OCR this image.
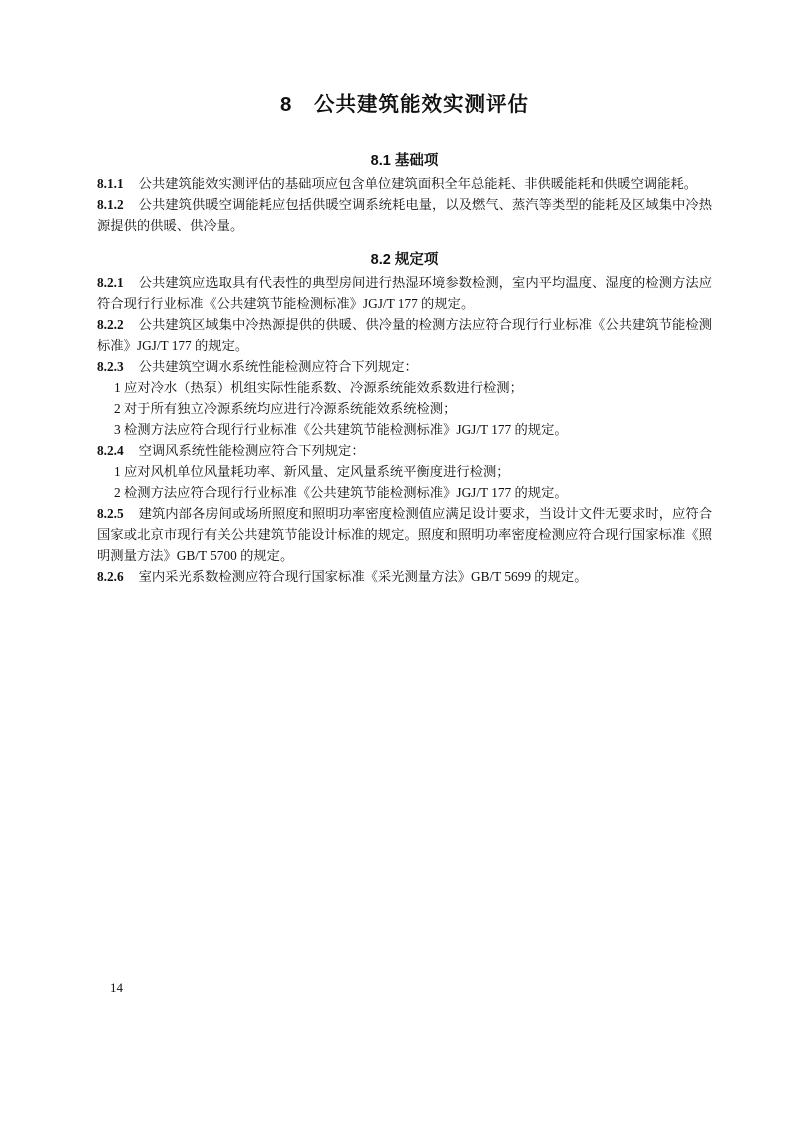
8　公共建筑能效实测评估
8.1 基础项

8.1.1 公共建筑能效实测评估的基础项应包含单位建筑面积全年总能耗、非供暖能耗和供暖空调能耗。

8.1.2 公共建筑供暖空调能耗应包括供暖空调系统耗电量，以及燃气、蒸汽等类型的能耗及区域集中冷热源提供的供暖、供冷量。

8.2 规定项

8.2.1 公共建筑应选取具有代表性的典型房间进行热湿环境参数检测，室内平均温度、湿度的检测方法应符合现行行业标准《公共建筑节能检测标准》JGJ/T 177 的规定。

8.2.2 公共建筑区域集中冷热源提供的供暖、供冷量的检测方法应符合现行行业标准《公共建筑节能检测标准》JGJ/T 177 的规定。

8.2.3 公共建筑空调水系统性能检测应符合下列规定：

1 应对冷水（热泵）机组实际性能系数、冷源系统能效系数进行检测；

2 对于所有独立冷源系统均应进行冷源系统能效系统检测；

3 检测方法应符合现行行业标准《公共建筑节能检测标准》JGJ/T 177 的规定。

8.2.4 空调风系统性能检测应符合下列规定：

1 应对风机单位风量耗功率、新风量、定风量系统平衡度进行检测；

2 检测方法应符合现行行业标准《公共建筑节能检测标准》JGJ/T 177 的规定。

8.2.5 建筑内部各房间或场所照度和照明功率密度检测值应满足设计要求，当设计文件无要求时，应符合国家或北京市现行有关公共建筑节能设计标准的规定。照度和照明功率密度检测应符合现行国家标准《照明测量方法》GB/T 5700 的规定。

8.2.6 室内采光系数检测应符合现行国家标准《采光测量方法》GB/T 5699 的规定。

14
